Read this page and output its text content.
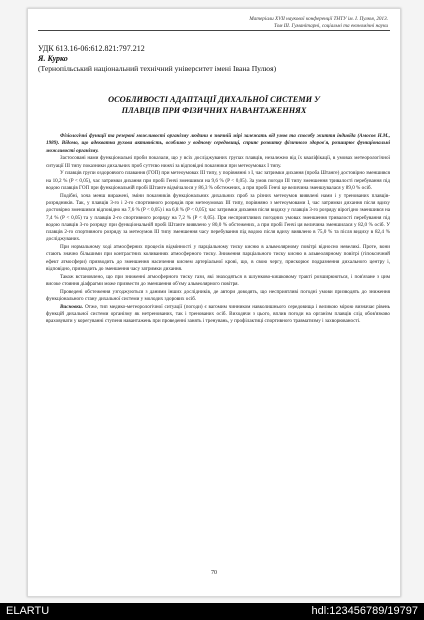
Матеріали XVII наукової конференції ТНТУ ім. І. Пулюя, 2013.
Том III. Гуманітарні, соціальні та економічні науки
УДК 613.16-06:612.821:797.212
Я. Курко
(Тернопільський національний технічний університет імені Івана Пулюя)
ОСОБЛИВОСТІ АДАПТАЦІЇ ДИХАЛЬНОЇ СИСТЕМИ У
ПЛАВЦІВ ПРИ ФІЗИЧНИХ НАВАНТАЖЕННЯХ

Фізіологічні функції та резервні можливості організму людини в значній мірі залежать від умов та способу життя індивіда (Амосов Н.М., 1989). Відомо, що адекватна рухова активність, особливо у водному середовищі, сприяє розвитку фізичного здоров'я, розширює функціональні можливості організму.

Застосовані нами функціональні проби показали, що у всіх досліджуваних групах плавців, незалежно від їх кваліфікації, в умовах метеорологічної ситуації III типу показники дихальних проб суттєво нижчі за відповідні показники при метеоумовах I типу.

У плавців групи оздоровчого плавання (ГОП) при метеоумовах III типу, у порівнянні з I, час затримки дихання (проба Штанге) достовірно зменшився на 10,2 % (P < 0,05), час затримки дихання при пробі Генчі зменшився на 9,6 % (P < 0,05). За умов погоди III типу зменшення тривалості перебування під водою плавців ГОП при функціональній пробі Штанге відмічалося у 86,3 % обстежених, а при пробі Генчі це величина зменшувалася у 89,0 % осіб.

Подібні, хоча менш виражені, зміни показників функціональних дихальних проб за різних метеоумов виявлені нами і у тренованих плавців-розрядників. Так, у плавців 3-го і 2-го спортивного розрядів при метеоумовах III типу, порівняно з метеоумовами I, час затримки дихання після вдиху достовірно зменшився відповідно на 7,6 % (P < 0,05) і на 6,8 % (P < 0,05); час затримки дихання після видиху у плавців 3-го розряду вірогідно зменшився на 7,4 % (P < 0,05) та у плавців 2-го спортивного розряду на 7,2 % (P < 0,05). При несприятливих погодних умовах зменшення тривалості перебування під водою плавців 3-го розряду при функціональній пробі Штанге виявлено у 80,0 % обстежених, а при пробі Генчі ця величина зменшилася у 82,0 % осіб. У плавців 2-го спортивного розряду за метеоумов III типу зменшення часу перебування під водою після вдиху виявлено в 75,0 % та після видиху в 82,4 % досліджуваних.

При нормальному ході атмосферних процесів відмінності у парціальному тиску кисню в альвеолярному повітрі відносно невеликі. Проте, вони стають значно більшими при контрастних коливаннях атмосферного тиску. Зниження парціального тиску кисню в альвеолярному повітрі (гіпоксичний ефект атмосфери) призводить до зменшення насичення киснем артеріальної крові, що, в свою чергу, прискорює подразнення дихального центру і, відповідно, призводить до зменшення часу затримки дихання.

Також встановлено, що при зниженні атмосферного тиску гази, які знаходяться в шлунково-кишковому тракті розширюються, і пов'язане з цим високе стояння діафрагми може призвести до зменшення об'єму альвеолярного повітря.

Проведені обстеження узгоджуються з даними інших дослідників, де автори доводять, що несприятливі погодні умови призводять до зниження функціонального стану дихальної системи у молодих здорових осіб.

Висновки. Отже, тип медико-метеорологічної ситуації (погоди) є вагомим чинником навколишнього середовища і великою мірою визначає рівень функцій дихальної системи організму як нетренованих, так і тренованих осіб. Виходячи з цього, вплив погоди на організм плавців слід обов'язково враховувати у корегуванні ступеня навантажень при проведенні занять і тренувань, у профілактиці спортивного травматизму і захворюваності.

70
ELARTU	hdl:123456789/19797
